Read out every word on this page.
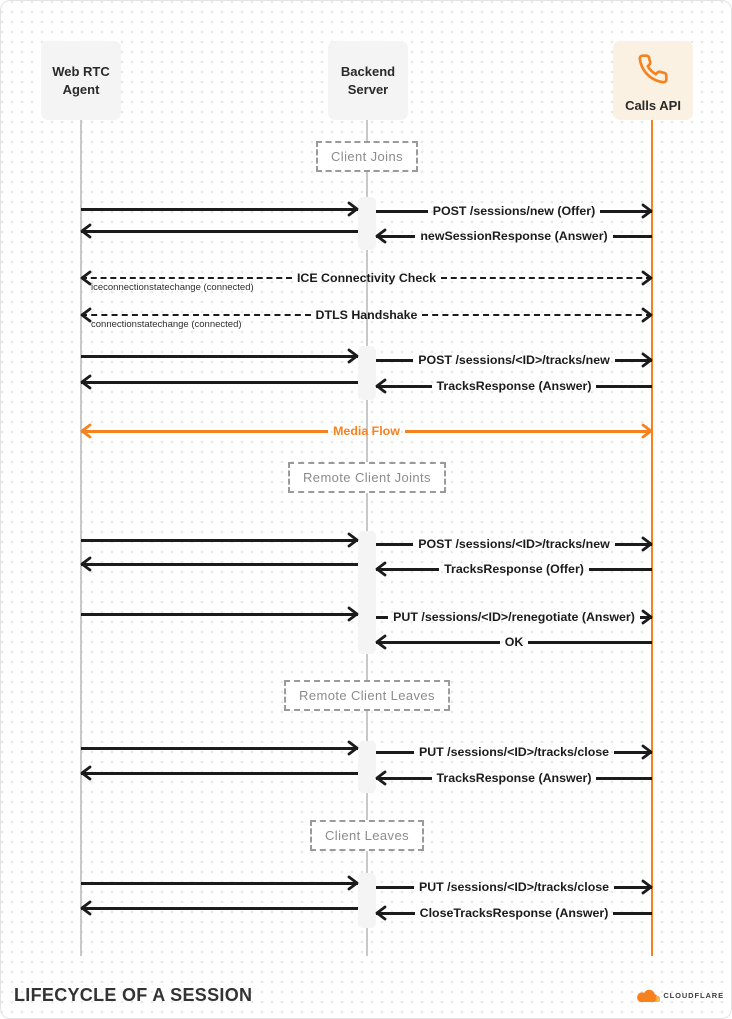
Client Joins
Remote Client Joints
Remote Client Leaves
Client Leaves
POST /sessions/new (Offer)
newSessionResponse (Answer)
ICE Connectivity Check
iceconnectionstatechange (connected)
DTLS Handshake
connectionstatechange (connected)
POST /sessions/<ID>/tracks/new
TracksResponse (Answer)
Media Flow
POST /sessions/<ID>/tracks/new
TracksResponse (Offer)
PUT /sessions/<ID>/renegotiate (Answer)
OK
PUT /sessions/<ID>/tracks/close
TracksResponse (Answer)
PUT /sessions/<ID>/tracks/close
CloseTracksResponse (Answer)
Web RTC Agent
Backend Server
Calls API
LIFECYCLE OF A SESSION	CLOUDFLARE
